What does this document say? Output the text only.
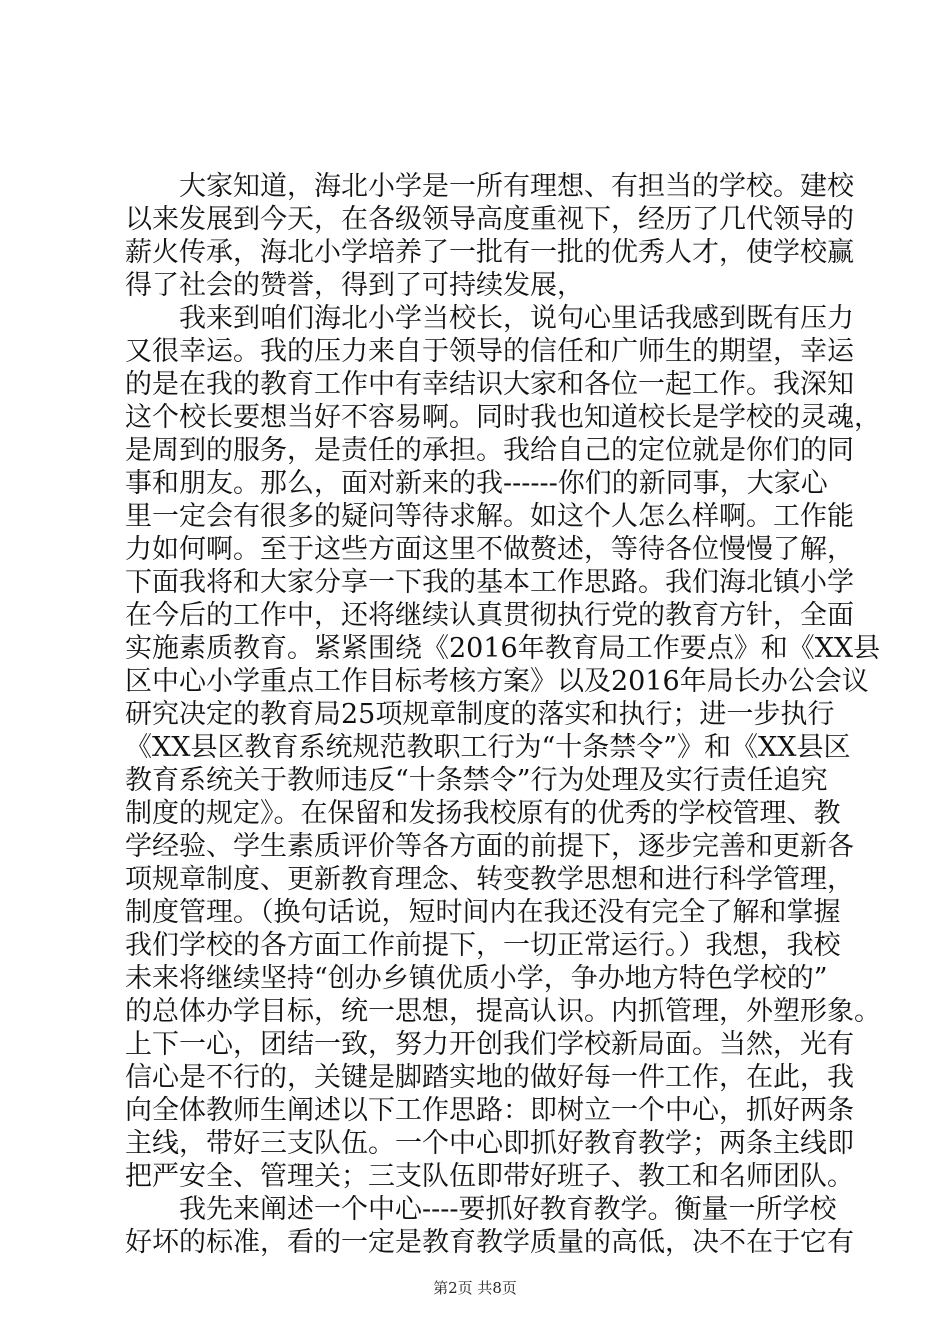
大家知道，海北小学是一所有理想、有担当的学校。建校
以来发展到今天，在各级领导高度重视下，经历了几代领导的
薪火传承，海北小学培养了一批有一批的优秀人才，使学校赢
得了社会的赞誉，得到了可持续发展，
我来到咱们海北小学当校长，说句心里话我感到既有压力
又很幸运。我的压力来自于领导的信任和广师生的期望，幸运
的是在我的教育工作中有幸结识大家和各位一起工作。我深知
这个校长要想当好不容易啊。同时我也知道校长是学校的灵魂，
是周到的服务，是责任的承担。我给自己的定位就是你们的同
事和朋友。那么，面对新来的我------你们的新同事，大家心
里一定会有很多的疑问等待求解。如这个人怎么样啊。工作能
力如何啊。至于这些方面这里不做赘述，等待各位慢慢了解，
下面我将和大家分享一下我的基本工作思路。我们海北镇小学
在今后的工作中，还将继续认真贯彻执行党的教育方针，全面
实施素质教育。紧紧围绕《2016年教育局工作要点》和《XX县
区中心小学重点工作目标考核方案》以及2016年局长办公会议
研究决定的教育局25项规章制度的落实和执行；进一步执行
《XX县区教育系统规范教职工行为“十条禁令”》和《XX县区
教育系统关于教师违反“十条禁令”行为处理及实行责任追究
制度的规定》。在保留和发扬我校原有的优秀的学校管理、教
学经验、学生素质评价等各方面的前提下，逐步完善和更新各
项规章制度、更新教育理念、转变教学思想和进行科学管理，
制度管理。（换句话说，短时间内在我还没有完全了解和掌握
我们学校的各方面工作前提下，一切正常运行。）我想，我校
未来将继续坚持“创办乡镇优质小学，争办地方特色学校的”
的总体办学目标，统一思想，提高认识。内抓管理，外塑形象。
上下一心，团结一致，努力开创我们学校新局面。当然，光有
信心是不行的，关键是脚踏实地的做好每一件工作，在此，我
向全体教师生阐述以下工作思路：即树立一个中心，抓好两条
主线，带好三支队伍。一个中心即抓好教育教学；两条主线即
把严安全、管理关；三支队伍即带好班子、教工和名师团队。
我先来阐述一个中心----要抓好教育教学。衡量一所学校
好坏的标准，看的一定是教育教学质量的高低，决不在于它有
第2页 共8页
